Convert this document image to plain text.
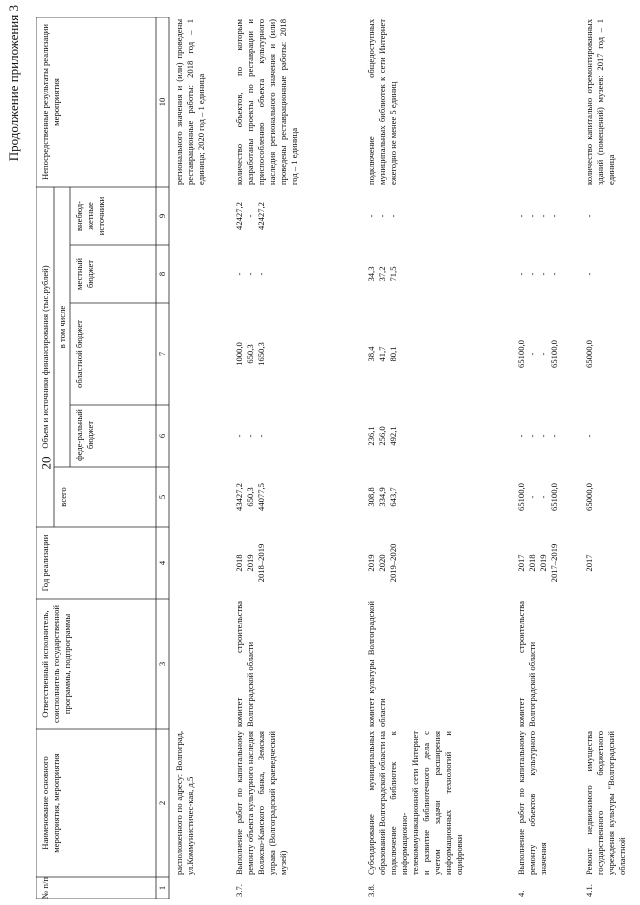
20
Продолжение приложения 3
№ п/п
Наименование основного мероприятия, мероприятия
Ответственный исполнитель, соисполнитель государственной программы, подпрограммы
Год реализации
Объем и источники финансирования (тыс.рублей)
всего
в том числе
феде-ральный бюджет
областной бюджет
местный бюджет
внебюд-жетные источники
Непосредственные результаты реализации мероприятия
1
2
3
4
5
6
7
8
9
10
расположенного по адресу: Волгоград, ул.Коммунистичес-кая, д.5
регионального значения и (или) проведены реставрационные работы: 2018 год – 1 единица; 2020 год – 1 единица
3.7.
Выполнение работ по капитальному ремонту объекта культурного наследия Волжско-Камского банка, Земская управа (Волгоградский краеведческий музей)
комитет строительства Волгоградской области
2018 2019 2018–2019
43427,2 650,3 44077,5
- - -
1000,0 650,3 1650,3
- - -
42427,2 - 42427,2
количество объектов, по которым разработаны проекты по реставрации и приспособлению объекта культурного наследия регионального значения и (или) проведены реставрационные работы: 2018 год – 1 единица
3.8.
Субсидирование муниципальных образований Волгоградской области на подключение библиотек к информационно-телекоммуникационной сети Интернет и развитие библиотечного дела с учетом задачи расширения информационных технологий и оцифровки
комитет культуры Волгоградской области
2019 2020 2019–2020
308,8 334,9 643,7
236,1 256,0 492,1
38,4 41,7 80,1
34,3 37,2 71,5
- - -
подключение общедоступных муниципальных библиотек к сети Интернет ежегодно не менее 5 единиц
4.
Выполнение работ по капитальному ремонту объектов культурного значения
комитет строительства Волгоградской области
2017 2018 2019 2017–2019
65100,0 - - 65100,0
- - - -
65100,0 - - 65100,0
- - - -
- - - -
4.1.
Ремонт недвижимого имущества государственного бюджетного учреждения культуры "Волгоградский областной
2017
65000,0
-
65000,0
-
-
количество капитально отремонтированных зданий (помещений) музеев: 2017 год – 1 единица
